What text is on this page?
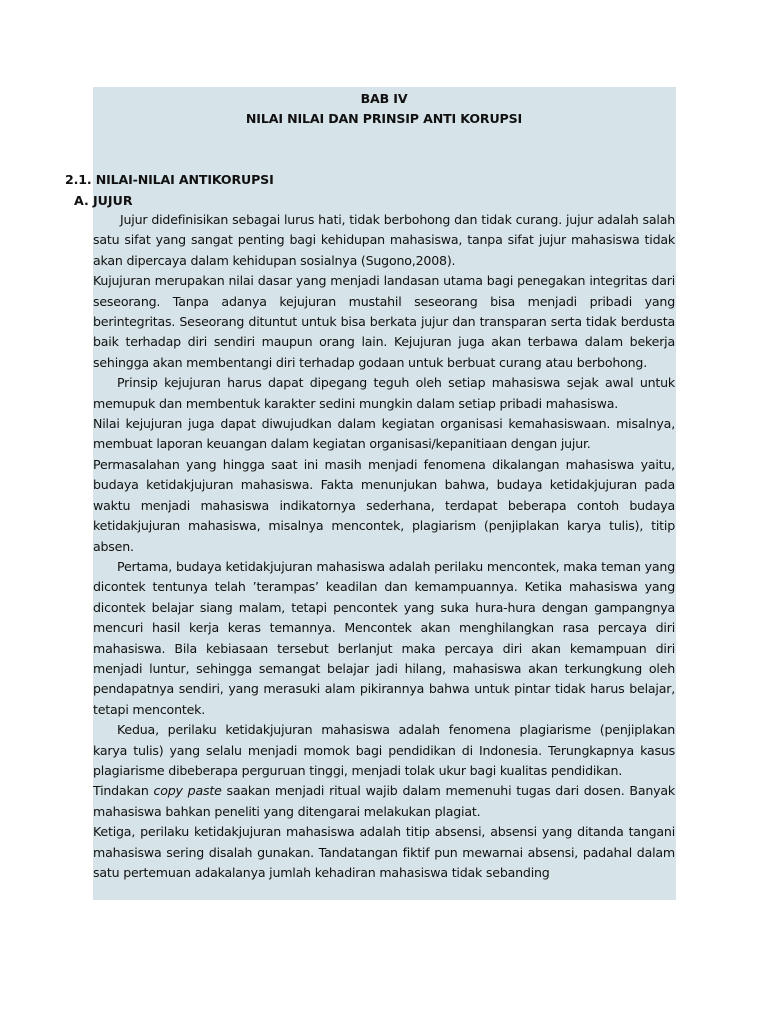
BAB IV
NILAI NILAI DAN PRINSIP ANTI KORUPSI
2.1. NILAI-NILAI ANTIKORUPSI
A. JUJUR

Jujur didefinisikan sebagai lurus hati, tidak berbohong dan tidak curang. jujur adalah salah satu sifat yang sangat penting bagi kehidupan mahasiswa, tanpa sifat jujur mahasiswa tidak akan dipercaya dalam kehidupan sosialnya (Sugono,2008).

Kujujuran merupakan nilai dasar yang menjadi landasan utama bagi penegakan integritas dari seseorang. Tanpa adanya kejujuran mustahil seseorang bisa menjadi pribadi yang berintegritas. Seseorang dituntut untuk bisa berkata jujur dan transparan serta tidak berdusta baik terhadap diri sendiri maupun orang lain. Kejujuran juga akan terbawa dalam bekerja sehingga akan membentangi diri terhadap godaan untuk berbuat curang atau berbohong.

Prinsip kejujuran harus dapat dipegang teguh oleh setiap mahasiswa sejak awal untuk memupuk dan membentuk karakter sedini mungkin dalam setiap pribadi mahasiswa.

Nilai kejujuran juga dapat diwujudkan dalam kegiatan organisasi kemahasiswaan. misalnya, membuat laporan keuangan dalam kegiatan organisasi/kepanitiaan dengan jujur.

Permasalahan yang hingga saat ini masih menjadi fenomena dikalangan mahasiswa yaitu, budaya ketidakjujuran mahasiswa. Fakta menunjukan bahwa, budaya ketidakjujuran pada waktu menjadi mahasiswa indikatornya sederhana, terdapat beberapa contoh budaya ketidakjujuran mahasiswa, misalnya mencontek, plagiarism (penjiplakan karya tulis), titip absen.

Pertama, budaya ketidakjujuran mahasiswa adalah perilaku mencontek, maka teman yang dicontek tentunya telah ’terampas’ keadilan dan kemampuannya. Ketika mahasiswa yang dicontek belajar siang malam, tetapi pencontek yang suka hura-hura dengan gampangnya mencuri hasil kerja keras temannya. Mencontek akan menghilangkan rasa percaya diri mahasiswa. Bila kebiasaan tersebut berlanjut maka percaya diri akan kemampuan diri menjadi luntur, sehingga semangat belajar jadi hilang, mahasiswa akan terkungkung oleh pendapatnya sendiri, yang merasuki alam pikirannya bahwa untuk pintar tidak harus belajar, tetapi mencontek.

Kedua, perilaku ketidakjujuran mahasiswa adalah fenomena plagiarisme (penjiplakan karya tulis) yang selalu menjadi momok bagi pendidikan di Indonesia. Terungkapnya kasus plagiarisme dibeberapa perguruan tinggi, menjadi tolak ukur bagi kualitas pendidikan.

Tindakan copy paste saakan menjadi ritual wajib dalam memenuhi tugas dari dosen. Banyak mahasiswa bahkan peneliti yang ditengarai melakukan plagiat.

Ketiga, perilaku ketidakjujuran mahasiswa adalah titip absensi, absensi yang ditanda tangani mahasiswa sering disalah gunakan. Tandatangan fiktif pun mewarnai absensi, padahal dalam satu pertemuan adakalanya jumlah kehadiran mahasiswa tidak sebanding
